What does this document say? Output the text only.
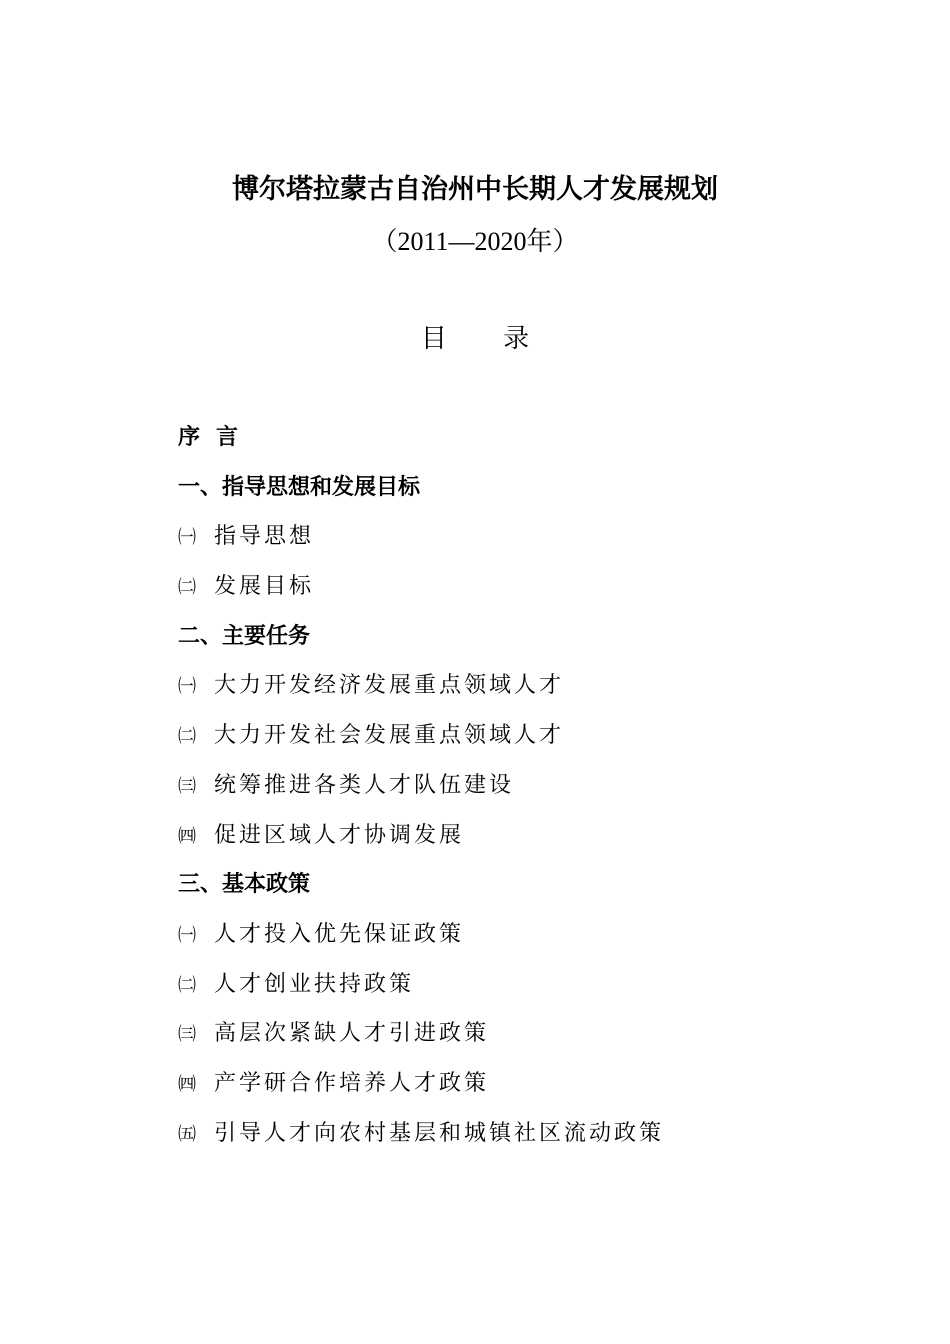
博尔塔拉蒙古自治州中长期人才发展规划
（2011—2020年）
目 录
序言
一、指导思想和发展目标
㈠ 指导思想
㈡ 发展目标
二、主要任务
㈠ 大力开发经济发展重点领域人才
㈡ 大力开发社会发展重点领域人才
㈢ 统筹推进各类人才队伍建设
㈣ 促进区域人才协调发展
三、基本政策
㈠ 人才投入优先保证政策
㈡ 人才创业扶持政策
㈢ 高层次紧缺人才引进政策
㈣ 产学研合作培养人才政策
㈤ 引导人才向农村基层和城镇社区流动政策
